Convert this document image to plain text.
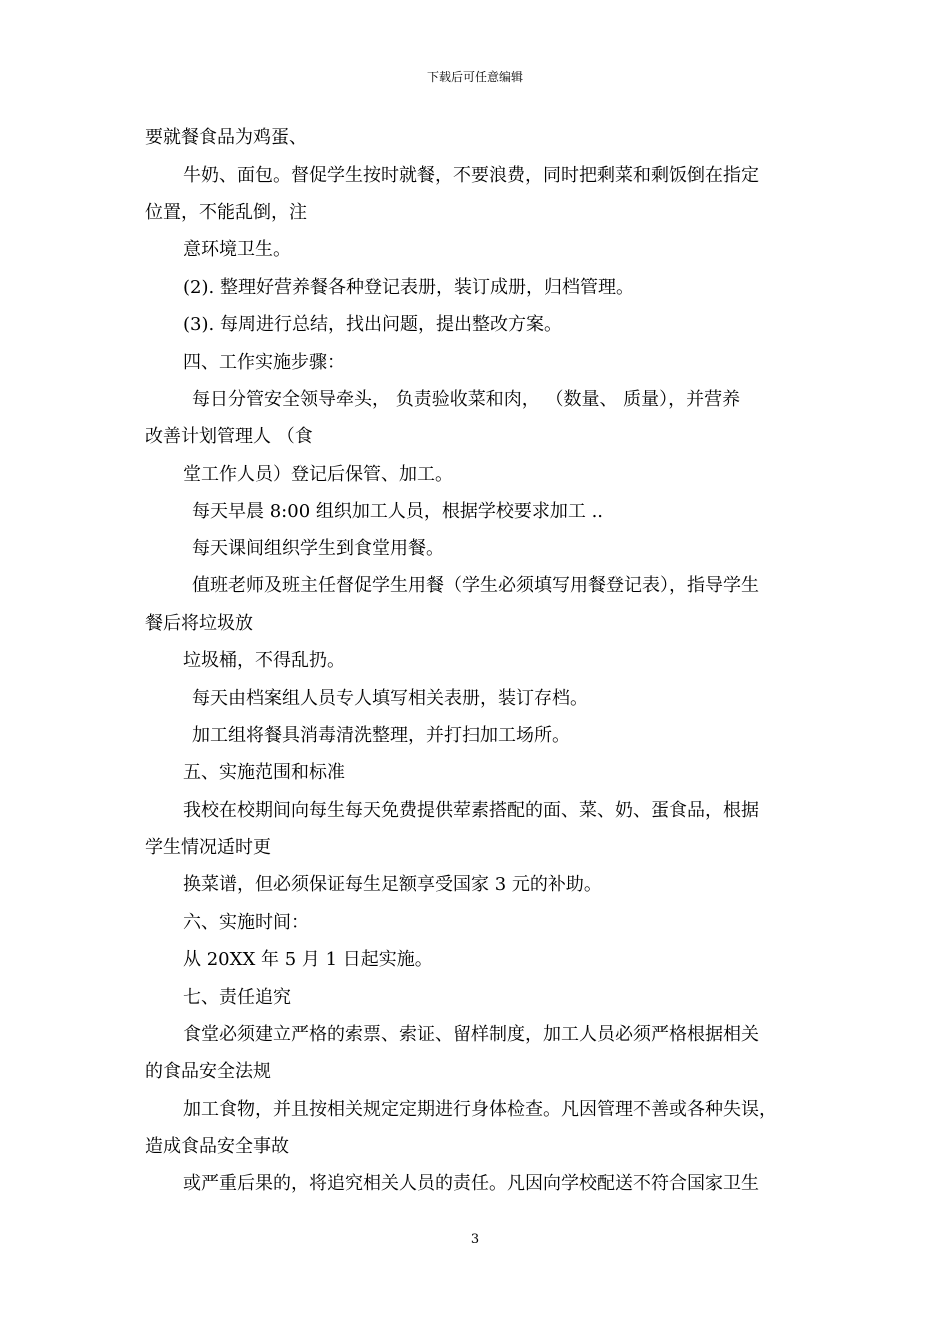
下载后可任意编辑
要就餐食品为鸡蛋、
牛奶、面包。督促学生按时就餐，不要浪费，同时把剩菜和剩饭倒在指定
位置，不能乱倒，注
意环境卫生。
(2). 整理好营养餐各种登记表册，装订成册，归档管理。
(3). 每周进行总结，找出问题，提出整改方案。
四、工作实施步骤：
每日分管安全领导牵头， 负责验收菜和肉， （数量、 质量），并营养
改善计划管理人 （食
堂工作人员）登记后保管、加工。
每天早晨 8:00 组织加工人员，根据学校要求加工 ..
每天课间组织学生到食堂用餐。
值班老师及班主任督促学生用餐（学生必须填写用餐登记表），指导学生
餐后将垃圾放
垃圾桶，不得乱扔。
每天由档案组人员专人填写相关表册，装订存档。
加工组将餐具消毒清洗整理，并打扫加工场所。
五、实施范围和标准
我校在校期间向每生每天免费提供荤素搭配的面、菜、奶、蛋食品，根据
学生情况适时更
换菜谱，但必须保证每生足额享受国家 3 元的补助。
六、实施时间：
从 20XX 年 5 月 1 日起实施。
七、责任追究
食堂必须建立严格的索票、索证、留样制度，加工人员必须严格根据相关
的食品安全法规
加工食物，并且按相关规定定期进行身体检查。凡因管理不善或各种失误，
造成食品安全事故
或严重后果的，将追究相关人员的责任。凡因向学校配送不符合国家卫生
3
